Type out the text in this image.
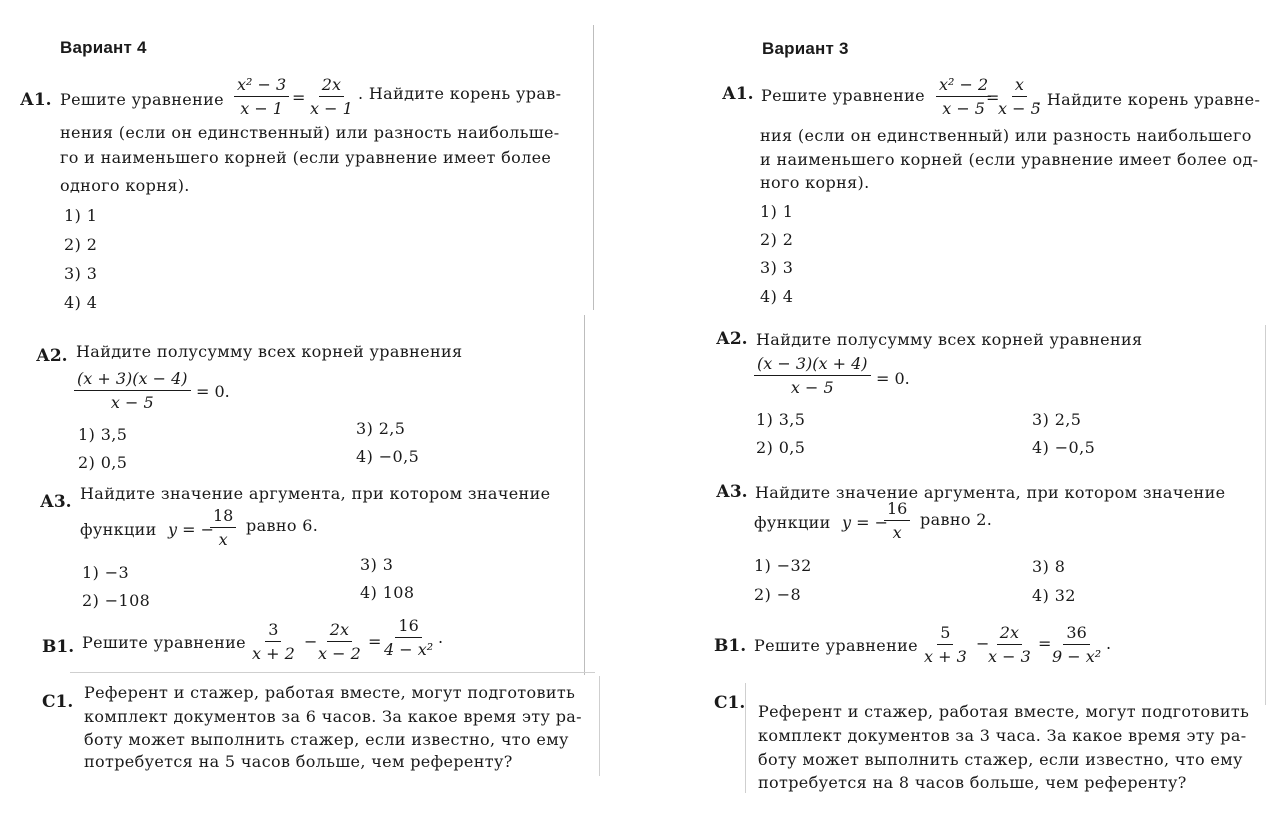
Вариант 4
А1. Решите уравнение $\frac{\text{x² − 3}}{x - 1} = \frac{2x}{x - 1}$ . Найдите корень урав-
нения (если он единственный) или разность наибольше-
го и наименьшего корней (если уравнение имеет более
одного корня).
1) 1
2) 2
3) 3
4) 4
А2. Найдите полусумму всех корней уравнения
$\frac{(x + 3)(x - 4)}{x - 5} = 0$.
1) 3,5	3) 2,5
2) 0,5	4) −0,5
А3. Найдите значение аргумента, при котором значение
функции y = −
$\frac{18}{x}$ равно 6.
1) −3	3) 3
2) −108	4) 108
В1. Решите уравнение $\frac{3}{x + 2} - \frac{2x}{x - 2} = \frac{16}{\text{4 − x²}}$ .
С1. Референт и стажер, работая вместе, могут подготовить
комплект документов за 6 часов. За какое время эту ра-
боту может выполнить стажер, если известно, что ему
потребуется на 5 часов больше, чем референту?
Вариант 3
А1. Решите уравнение $\frac{\text{x² − 2}}{x - 5}$
=
$\frac{x}{x - 5}$
. Найдите корень уравне-
ния (если он единственный) или разность наибольшего
и наименьшего корней (если уравнение имеет более од-
ного корня).
1) 1
2) 2
3) 3
4) 4
А2. Найдите полусумму всех корней уравнения
$\frac{(x - 3)(x + 4)}{x - 5} = 0$.
1) 3,5	3) 2,5
2) 0,5	4) −0,5
А3. Найдите значение аргумента, при котором значение
функции y = −
$\frac{16}{x}$ равно 2.
1) −32	3) 8
2) −8	4) 32
В1. Решите уравнение $\frac{5}{x + 3}$ −
$\frac{2x}{x - 3} = \frac{36}{\text{9 − x²}}$ .
С1. Референт и стажер, работая вместе, могут подготовить
комплект документов за 3 часа. За какое время эту ра-
боту может выполнить стажер, если известно, что ему
потребуется на 8 часов больше, чем референту?
